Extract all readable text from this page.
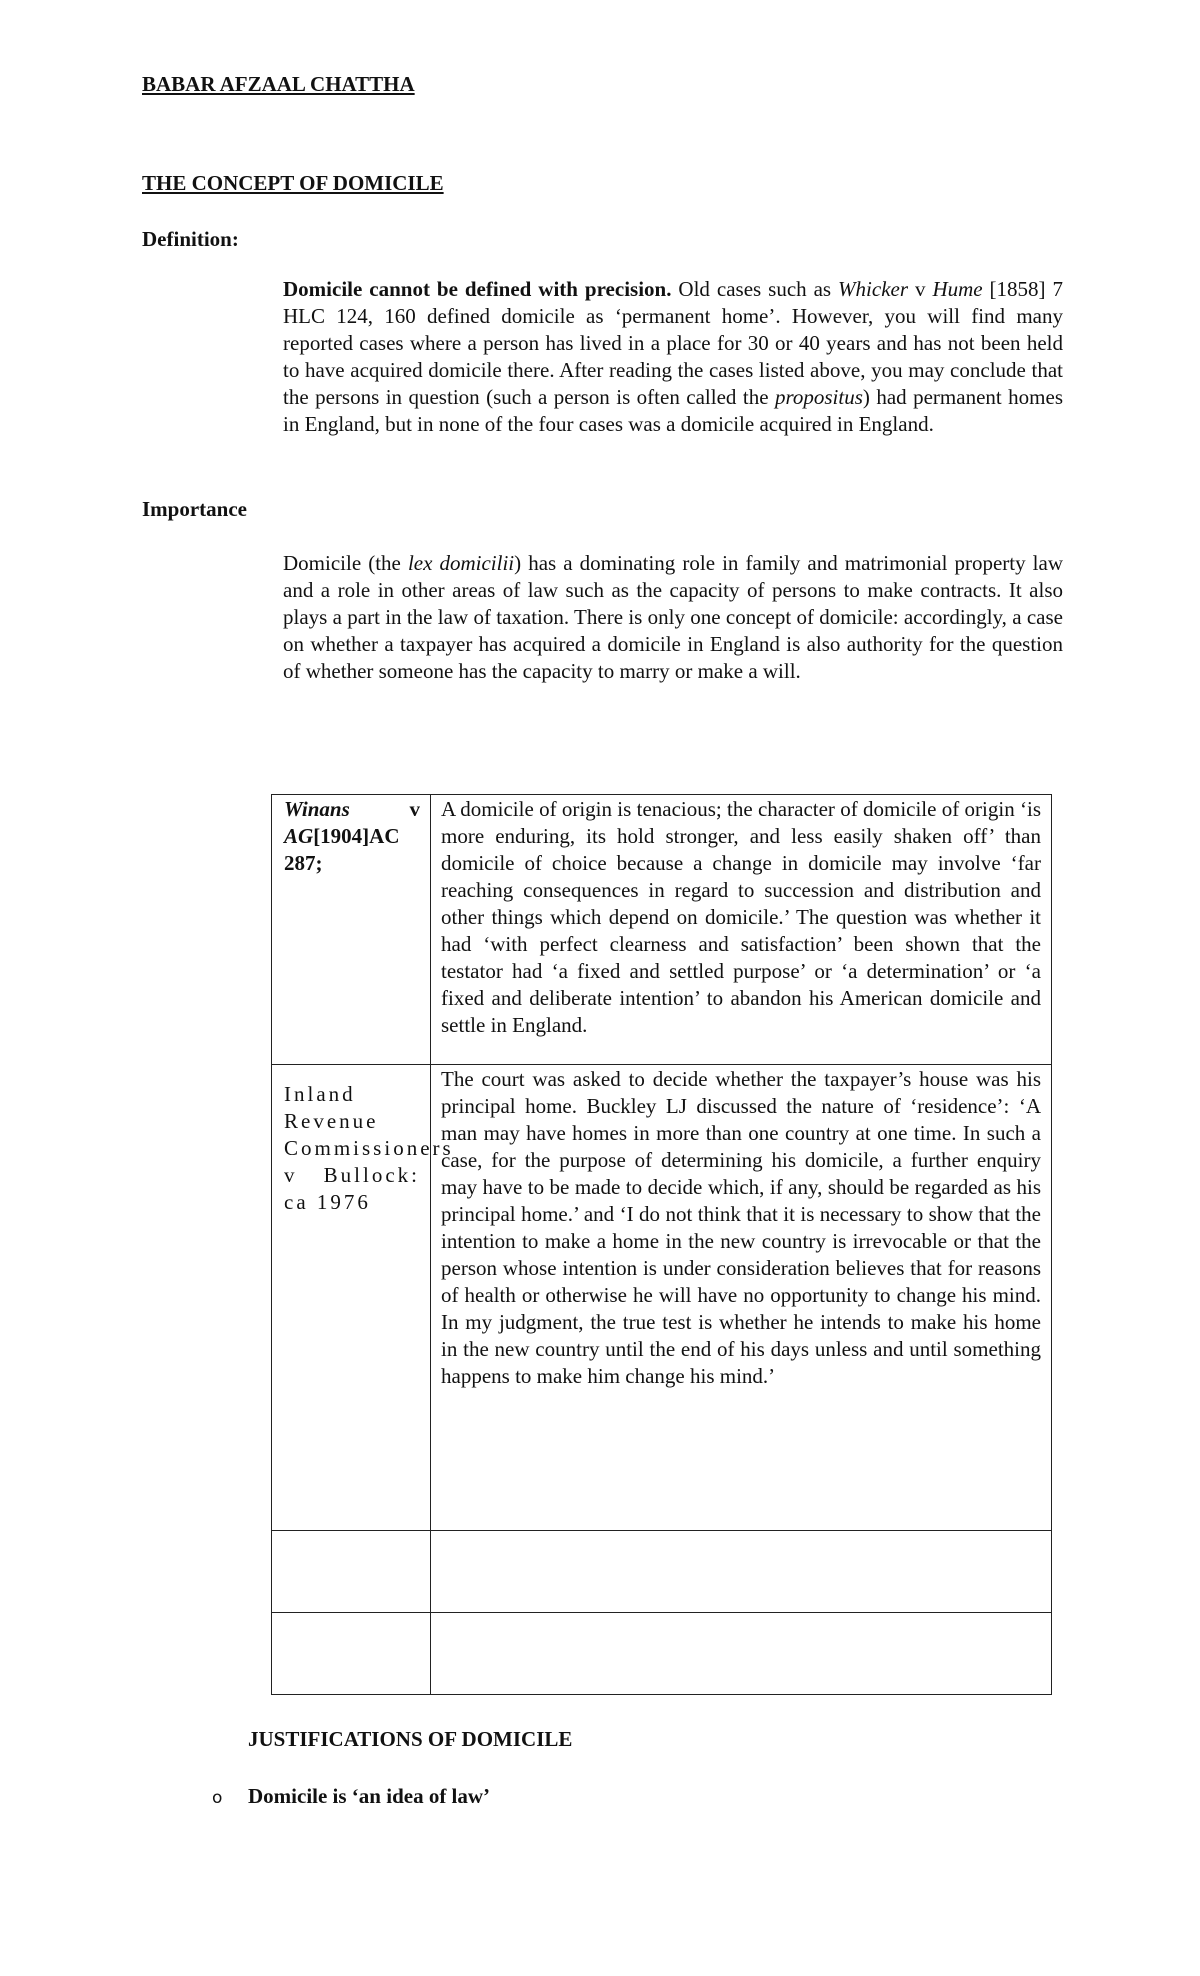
BABAR AFZAAL CHATTHA
THE CONCEPT OF DOMICILE
Definition:
Domicile cannot be defined with precision. Old cases such as Whicker v Hume [1858] 7 HLC 124, 160 defined domicile as ‘permanent home’. However, you will find many reported cases where a person has lived in a place for 30 or 40 years and has not been held to have acquired domicile there. After reading the cases listed above, you may conclude that the persons in question (such a person is often called the propositus) had permanent homes in England, but in none of the four cases was a domicile acquired in England.
Importance
Domicile (the lex domicilii) has a dominating role in family and matrimonial property law and a role in other areas of law such as the capacity of persons to make contracts. It also plays a part in the law of taxation. There is only one concept of domicile: accordingly, a case on whether a taxpayer has acquired a domicile in England is also authority for the question of whether someone has the capacity to marry or make a will.
Winans v AG[1904]AC 287;	A domicile of origin is tenacious; the character of domicile of origin ‘is more enduring, its hold stronger, and less easily shaken off’ than domicile of choice because a change in domicile may involve ‘far reaching consequences in regard to succession and distribution and other things which depend on domicile.’ The question was whether it had ‘with perfect clearness and satisfaction’ been shown that the testator had ‘a fixed and settled purpose’ or ‘a determination’ or ‘a fixed and deliberate intention’ to abandon his American domicile and settle in England.

Inland Revenue Commissioners v Bullock: ca 1976	The court was asked to decide whether the taxpayer’s house was his principal home. Buckley LJ discussed the nature of ‘residence’: ‘A man may have homes in more than one country at one time. In such a case, for the purpose of determining his domicile, a further enquiry may have to be made to decide which, if any, should be regarded as his principal home.’ and ‘I do not think that it is necessary to show that the intention to make a home in the new country is irrevocable or that the person whose intention is under consideration believes that for reasons of health or otherwise he will have no opportunity to change his mind. In my judgment, the true test is whether he intends to make his home in the new country until the end of his days unless and until something happens to make him change his mind.’

JUSTIFICATIONS OF DOMICILE
o	Domicile is ‘an idea of law’
